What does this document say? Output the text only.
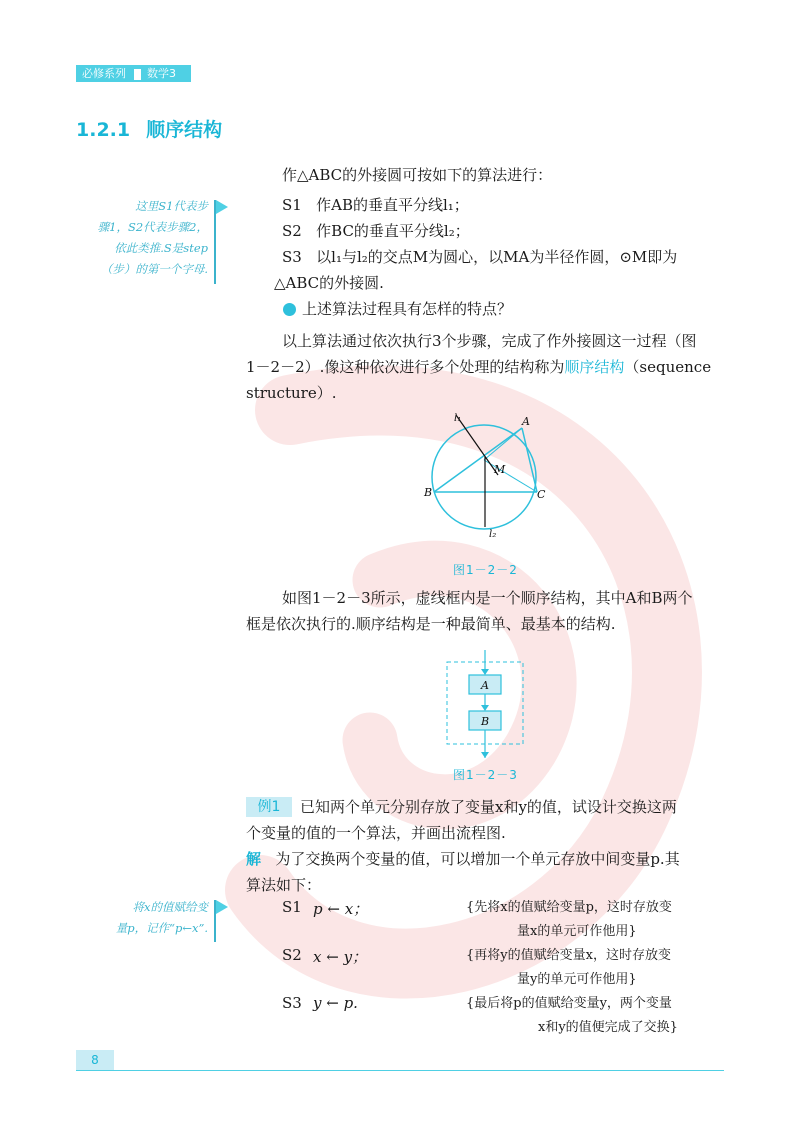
必修系列 数学3
1.2.1 顺序结构
作△ABC的外接圆可按如下的算法进行：
S1 作AB的垂直平分线l₁；
S2 作BC的垂直平分线l₂；
S3 以l₁与l₂的交点M为圆心，以MA为半径作圆，⊙M即为
△ABC的外接圆.
这里S1代表步
骤1，S2代表步骤2，
依此类推.S是step
（步）的第一个字母.
上述算法过程具有怎样的特点？
以上算法通过依次执行3个步骤，完成了作外接圆这一过程（图
1－2－2）.像这种依次进行多个处理的结构称为顺序结构（sequence
structure）.
l₁
l₂
A
B	C
M
图1－2－2
如图1－2－3所示，虚线框内是一个顺序结构，其中A和B两个
框是依次执行的.顺序结构是一种最简单、最基本的结构.
A
B
图1－2－3
例1	已知两个单元分别存放了变量x和y的值，试设计交换这两
个变量的值的一个算法，并画出流程图.
解 为了交换两个变量的值，可以增加一个单元存放中间变量p.其
算法如下：
将x的值赋给变
量p，记作“p←x”.
S1 p ← x；	{先将x的值赋给变量p，这时存放变
量x的单元可作他用}
S2 x ← y；	{再将y的值赋给变量x，这时存放变
量y的单元可作他用}
S3 y ← p.	{最后将p的值赋给变量y，两个变量
x和y的值便完成了交换}
8
